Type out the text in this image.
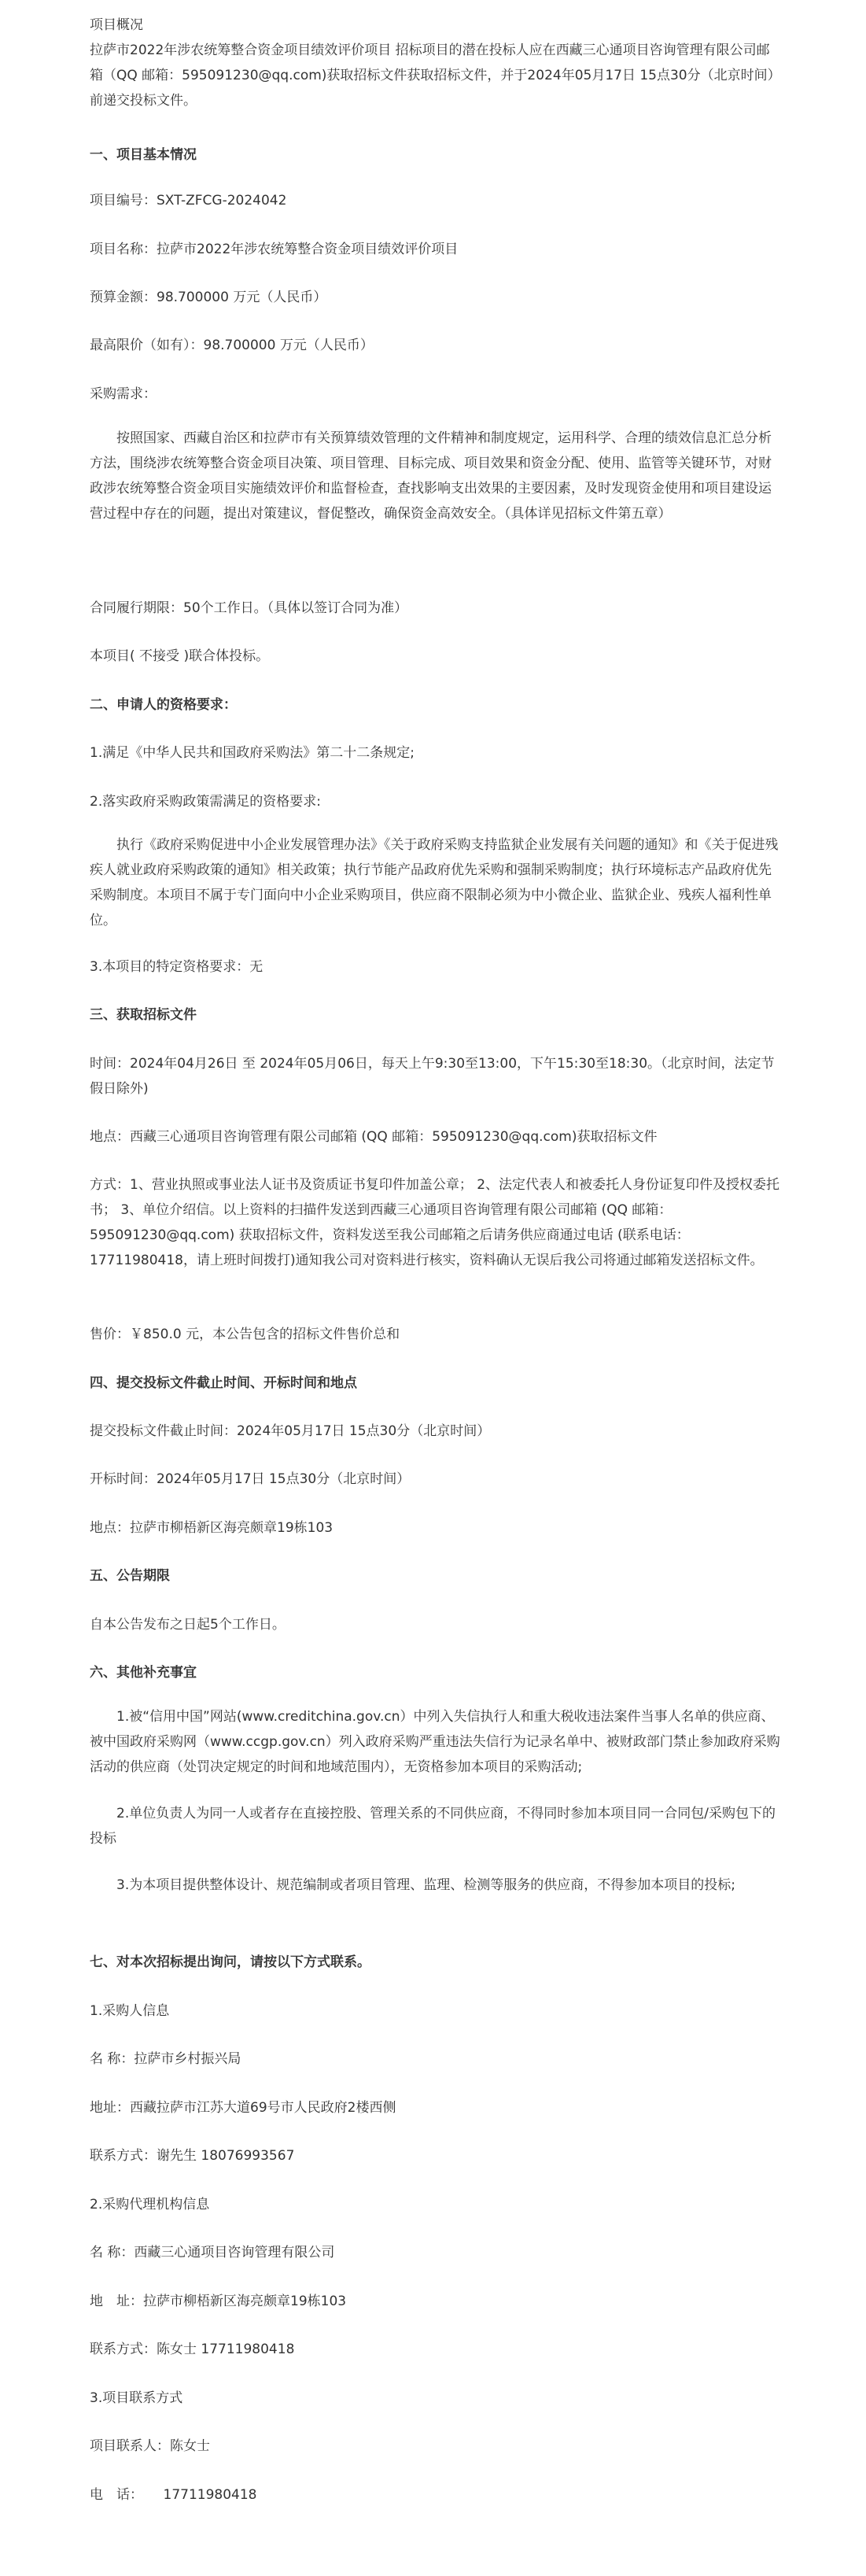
项目概况

拉萨市2022年涉农统筹整合资金项目绩效评价项目 招标项目的潜在投标人应在西藏三心通项目咨询管理有限公司邮箱（QQ 邮箱：595091230@qq.com)获取招标文件获取招标文件，并于2024年05月17日 15点30分（北京时间）前递交投标文件。

一、项目基本情况

项目编号：SXT-ZFCG-2024042

项目名称：拉萨市2022年涉农统筹整合资金项目绩效评价项目

预算金额：98.700000 万元（人民币）

最高限价（如有）：98.700000 万元（人民币）

采购需求：

按照国家、西藏自治区和拉萨市有关预算绩效管理的文件精神和制度规定，运用科学、合理的绩效信息汇总分析方法，围绕涉农统筹整合资金项目决策、项目管理、目标完成、项目效果和资金分配、使用、监管等关键环节，对财政涉农统筹整合资金项目实施绩效评价和监督检查，查找影响支出效果的主要因素，及时发现资金使用和项目建设运营过程中存在的问题，提出对策建议，督促整改，确保资金高效安全。（具体详见招标文件第五章）

合同履行期限：50个工作日。（具体以签订合同为准）

本项目( 不接受 )联合体投标。

二、申请人的资格要求：

1.满足《中华人民共和国政府采购法》第二十二条规定;

2.落实政府采购政策需满足的资格要求:

执行《政府采购促进中小企业发展管理办法》《关于政府采购支持监狱企业发展有关问题的通知》和《关于促进残疾人就业政府采购政策的通知》相关政策；执行节能产品政府优先采购和强制采购制度；执行环境标志产品政府优先采购制度。本项目不属于专门面向中小企业采购项目，供应商不限制必须为中小微企业、监狱企业、残疾人福利性单位。

3.本项目的特定资格要求：无

三、获取招标文件

时间：2024年04月26日 至 2024年05月06日，每天上午9:30至13:00，下午15:30至18:30。（北京时间，法定节假日除外)

地点：西藏三心通项目咨询管理有限公司邮箱 (QQ 邮箱：595091230@qq.com)获取招标文件

方式：1、营业执照或事业法人证书及资质证书复印件加盖公章； 2、法定代表人和被委托人身份证复印件及授权委托书； 3、单位介绍信。以上资料的扫描件发送到西藏三心通项目咨询管理有限公司邮箱 (QQ 邮箱：595091230@qq.com) 获取招标文件，资料发送至我公司邮箱之后请务供应商通过电话 (联系电话：17711980418，请上班时间拨打)通知我公司对资料进行核实，资料确认无误后我公司将通过邮箱发送招标文件。

售价：￥850.0 元，本公告包含的招标文件售价总和

四、提交投标文件截止时间、开标时间和地点

提交投标文件截止时间：2024年05月17日 15点30分（北京时间）

开标时间：2024年05月17日 15点30分（北京时间）

地点：拉萨市柳梧新区海亮颇章19栋103

五、公告期限

自本公告发布之日起5个工作日。

六、其他补充事宜

1.被“信用中国”网站(www.creditchina.gov.cn）中列入失信执行人和重大税收违法案件当事人名单的供应商、被中国政府采购网（www.ccgp.gov.cn）列入政府采购严重违法失信行为记录名单中、被财政部门禁止参加政府采购活动的供应商（处罚决定规定的时间和地域范围内），无资格参加本项目的采购活动;

2.单位负责人为同一人或者存在直接控股、管理关系的不同供应商，不得同时参加本项目同一合同包/采购包下的投标

3.为本项目提供整体设计、规范编制或者项目管理、监理、检测等服务的供应商，不得参加本项目的投标;

七、对本次招标提出询问，请按以下方式联系。

1.采购人信息

名 称：拉萨市乡村振兴局

地址：西藏拉萨市江苏大道69号市人民政府2楼西侧

联系方式：谢先生 18076993567

2.采购代理机构信息

名 称：西藏三心通项目咨询管理有限公司

地　址：拉萨市柳梧新区海亮颇章19栋103

联系方式：陈女士 17711980418

3.项目联系方式

项目联系人：陈女士

电　话：　　17711980418
